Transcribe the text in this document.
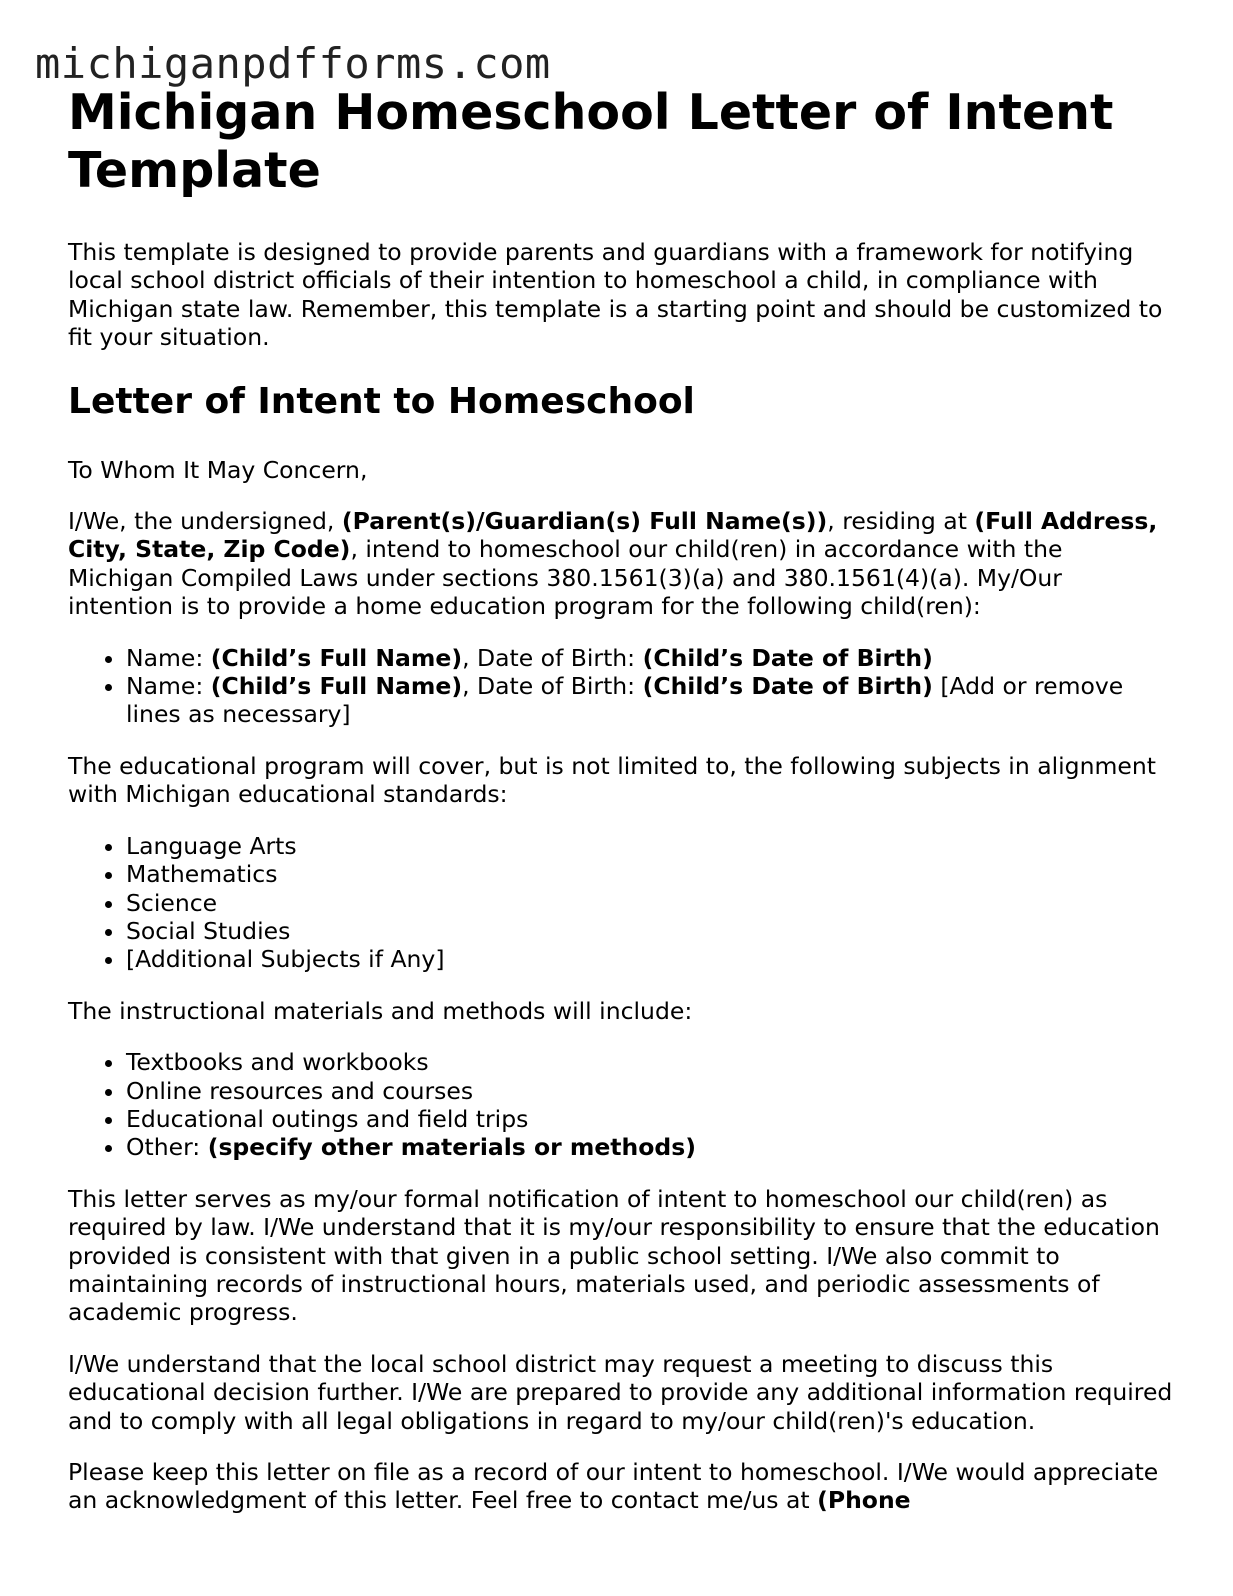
michiganpdfforms.com
Michigan Homeschool Letter of Intent Template

This template is designed to provide parents and guardians with a framework for notifying local school district officials of their intention to homeschool a child, in compliance with Michigan state law. Remember, this template is a starting point and should be customized to fit your situation.

Letter of Intent to Homeschool

To Whom It May Concern,

I/We, the undersigned, (Parent(s)/Guardian(s) Full Name(s)), residing at (Full Address, City, State, Zip Code), intend to homeschool our child(ren) in accordance with the Michigan Compiled Laws under sections 380.1561(3)(a) and 380.1561(4)(a). My/Our intention is to provide a home education program for the following child(ren):

• Name: (Child’s Full Name), Date of Birth: (Child’s Date of Birth)
• Name: (Child’s Full Name), Date of Birth: (Child’s Date of Birth) [Add or remove lines as necessary]

The educational program will cover, but is not limited to, the following subjects in alignment with Michigan educational standards:

• Language Arts
• Mathematics
• Science
• Social Studies
• [Additional Subjects if Any]

The instructional materials and methods will include:

• Textbooks and workbooks
• Online resources and courses
• Educational outings and field trips
• Other: (specify other materials or methods)

This letter serves as my/our formal notification of intent to homeschool our child(ren) as required by law. I/We understand that it is my/our responsibility to ensure that the education provided is consistent with that given in a public school setting. I/We also commit to maintaining records of instructional hours, materials used, and periodic assessments of academic progress.

I/We understand that the local school district may request a meeting to discuss this educational decision further. I/We are prepared to provide any additional information required and to comply with all legal obligations in regard to my/our child(ren)'s education.

Please keep this letter on file as a record of our intent to homeschool. I/We would appreciate an acknowledgment of this letter. Feel free to contact me/us at (Phone
